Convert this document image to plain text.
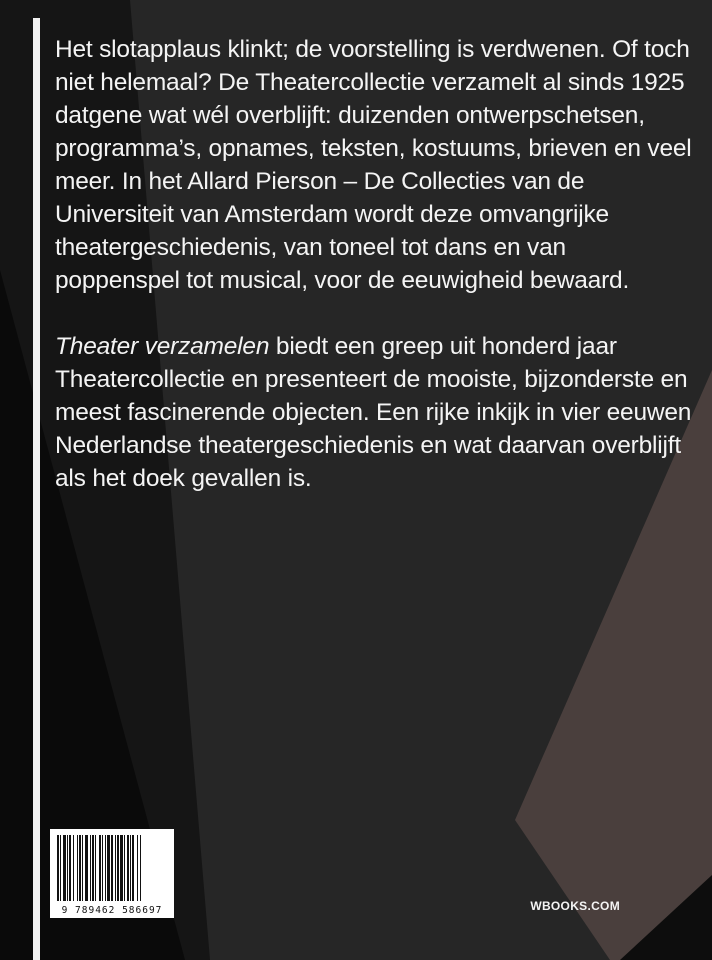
Het slotapplaus klinkt; de voorstelling is verdwenen. Of toch niet helemaal? De Theatercollectie verzamelt al sinds 1925 datgene wat wél overblijft: duizenden ontwerpschetsen, programma’s, opnames, teksten, kostuums, brieven en veel meer. In het Allard Pierson – De Collecties van de Universiteit van Amsterdam wordt deze omvangrijke theatergeschiedenis, van toneel tot dans en van poppenspel tot musical, voor de eeuwigheid bewaard.

Theater verzamelen biedt een greep uit honderd jaar Theatercollectie en presenteert de mooiste, bijzonderste en meest fascinerende objecten. Een rijke inkijk in vier eeuwen Nederlandse theatergeschiedenis en wat daarvan overblijft als het doek gevallen is.

9 789462 586697	WBOOKS.COM
